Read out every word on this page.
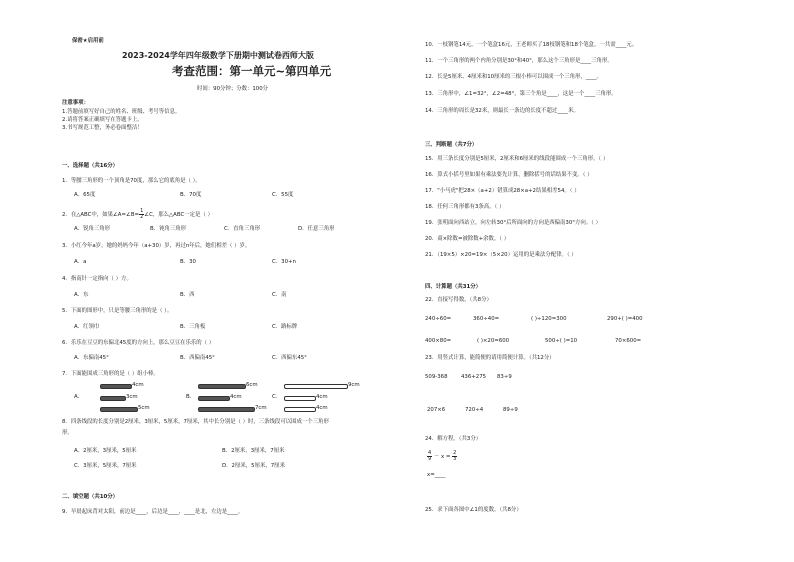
保密★启用前
2023-2024学年四年级数学下册期中测试卷西师大版
考查范围：第一单元~第四单元
时间：90分钟；分数：100分
注意事项：
1.答题前填写好自己的姓名、班级、考号等信息。
2.请将答案正确填写在答题卡上。
3.书写规范工整，务必卷面整洁！
一、选择题（共16分）
1．等腰三角形的一个顶角是70度，那么它的底角是（ ）。
A．65度	B．70度	C．55度
2．在△ABC中，如果∠A=∠B= $\frac{1}{2}$ ∠C，那么△ABC一定是（ ）
A．锐角三角形	B．钝角三角形	C．直角三角形	D．任意三角形
3．小红今年a岁，她的妈妈今年（a+30）岁，再过n年后，她们相差（ ）岁。
A．a	B．30	C．30+n
4．指南针一定指向（ ）方。
A．东	B．西	C．南
5．下面的图形中，只是等腰三角形的是（ ）。
A．红领巾	B．三角板	C．路标牌
6．乐乐在豆豆的东偏北45度的方向上，那么豆豆在乐乐的（ ）
A．东偏南45°	B．西偏南45°	C．西偏东45°
7．下面能围成三角形的是（ ）组小棒。
A．	B．	C．
4cm
3cm
5cm
6cm
4cm
7cm
9cm
4cm
4cm
8．四条线段的长度分别是2厘米，3厘米，5厘米，7厘米，其中长分别是（ ）时，三条线段可以围成一个三角形
形。
A．2厘米，3厘米，5厘米	B．2厘米，3厘米，7厘米
C．3厘米，5厘米，7厘米	D．2厘米，5厘米，7厘米
二、填空题（共10分）
9．早晨起床背对太阳，前边是____，后边是____，____是北，左边是____。
10．一枝钢笔14元，一个笔盒16元，王老师买了18枝钢笔和18个笔盒，一共需____元。
11．一个三角形的两个内角分别是30°和40°，那么这个三角形是____三角形。
12．长是5厘米、4厘米和10厘米的三根小棒可以围成一个三角形，____。
13．三角形中，∠1=32°，∠2=48°，第三个角是____，这是一个____三角形。
14．三角形的周长是32米，则最长一条边的长度不超过____米。
三、判断题（共7分）
15．用三条长度分别是5厘米，2厘米和6厘米的线段能围成一个三角形。（ ）
16．算式小括号里如果有乘法要先计算，删除括号的话结果不变。（ ）
17．"小马虎"把28×（a+2）错算成28×a+2结果相差54。（ ）
18．任何三角形都有3条高。（ ）
19．张明面向西站立，向左转30°后所面向的方向是西偏南30°方向。（ ）
20．商×除数=被除数+余数。（ ）
21．（19×5）×20=19×（5×20）运用的是乘法分配律。（ ）
四、计算题（共31分）
22．直接写得数。（共8分）
240÷60=	360÷40=	( )÷120=300	290+( )=400
400×80=	( )×20=600	500÷( )=10	70×600=
23．用竖式计算，能简便的请用简便计算。（共12分）
509-368 436+275 83÷9
207×6	720÷4	89÷9
24．解方程。（共3分）
$\frac{4}{9} - x = \frac{2}{3}$
x=____
25．求下面各图中∠1的度数。（共8分）
